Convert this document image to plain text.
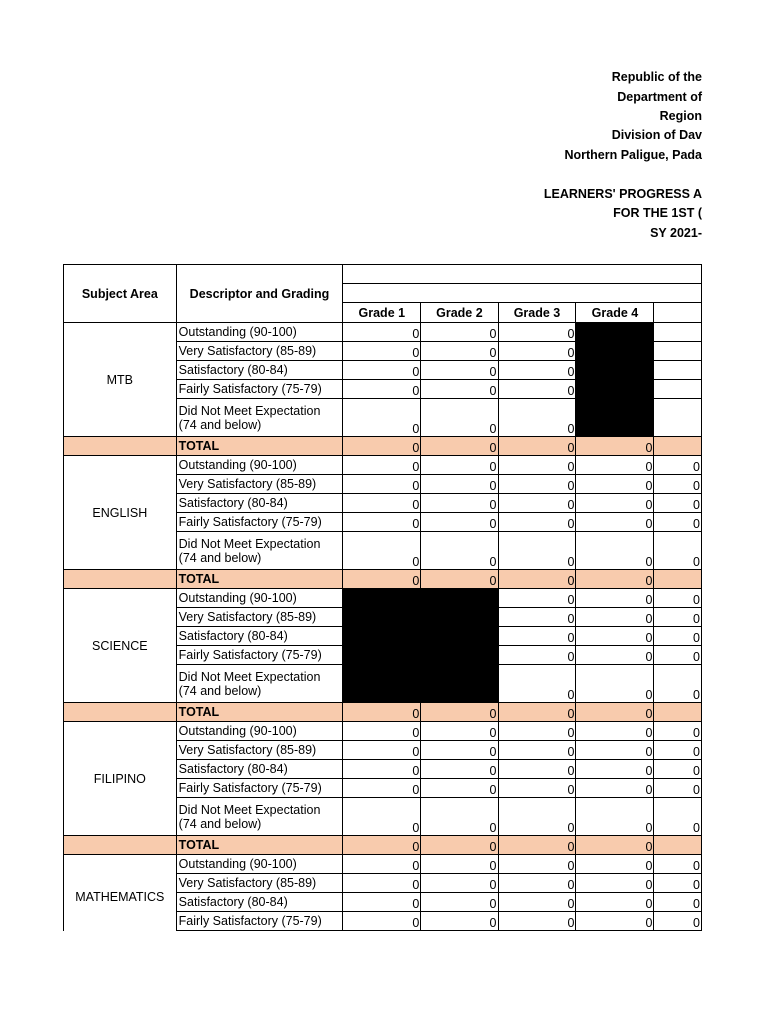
Republic of the
Department of
Region
Division of Dav
Northern Paligue, Pada
LEARNERS' PROGRESS A
FOR THE 1ST (
SY 2021-
Subject Area	Descriptor and Grading					

		Grade 1	Grade 2	Grade 3	Grade 4	
MTB	Outstanding (90-100)	0	0	0		
	Very Satisfactory (85-89)	0	0	0		
	Satisfactory (80-84)	0	0	0		
	Fairly Satisfactory (75-79)	0	0	0		
	Did Not Meet Expectation (74 and below)	0	0	0		
	TOTAL	0	0	0	0	
ENGLISH	Outstanding (90-100)	0	0	0	0	0
	Very Satisfactory (85-89)	0	0	0	0	0
	Satisfactory (80-84)	0	0	0	0	0
	Fairly Satisfactory (75-79)	0	0	0	0	0
	Did Not Meet Expectation (74 and below)	0	0	0	0	0
	TOTAL	0	0	0	0	
SCIENCE	Outstanding (90-100)			0	0	0
	Very Satisfactory (85-89)			0	0	0
	Satisfactory (80-84)			0	0	0
	Fairly Satisfactory (75-79)			0	0	0
	Did Not Meet Expectation (74 and below)			0	0	0
	TOTAL	0	0	0	0	
FILIPINO	Outstanding (90-100)	0	0	0	0	0
	Very Satisfactory (85-89)	0	0	0	0	0
	Satisfactory (80-84)	0	0	0	0	0
	Fairly Satisfactory (75-79)	0	0	0	0	0
	Did Not Meet Expectation (74 and below)	0	0	0	0	0
	TOTAL	0	0	0	0	
MATHEMATICS	Outstanding (90-100)	0	0	0	0	0
	Very Satisfactory (85-89)	0	0	0	0	0
	Satisfactory (80-84)	0	0	0	0	0
	Fairly Satisfactory (75-79)	0	0	0	0	0
